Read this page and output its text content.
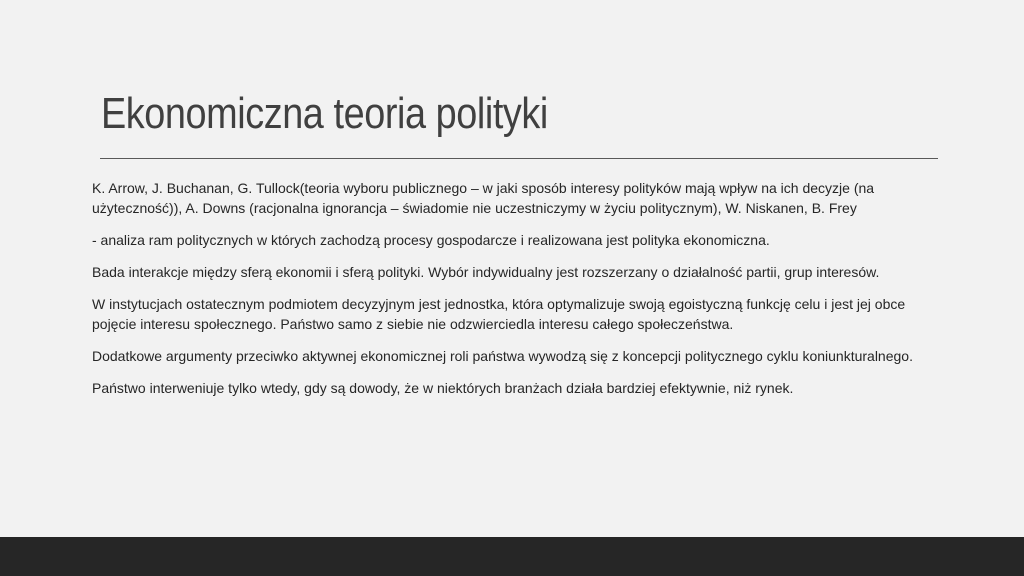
Ekonomiczna teoria polityki

K. Arrow, J. Buchanan, G. Tullock(teoria wyboru publicznego – w jaki sposób interesy polityków mają wpływ na ich decyzje (na użyteczność)), A. Downs (racjonalna ignorancja – świadomie nie uczestniczymy w życiu politycznym), W. Niskanen, B. Frey

- analiza ram politycznych w których zachodzą procesy gospodarcze i realizowana jest polityka ekonomiczna.

Bada interakcje między sferą ekonomii i sferą polityki. Wybór indywidualny jest rozszerzany o działalność partii, grup interesów.

W instytucjach ostatecznym podmiotem decyzyjnym jest jednostka, która optymalizuje swoją egoistyczną funkcję celu i jest jej obce pojęcie interesu społecznego. Państwo samo z siebie nie odzwierciedla interesu całego społeczeństwa.

Dodatkowe argumenty przeciwko aktywnej ekonomicznej roli państwa wywodzą się z koncepcji politycznego cyklu koniunkturalnego.

Państwo interweniuje tylko wtedy, gdy są dowody, że w niektórych branżach działa bardziej efektywnie, niż rynek.
